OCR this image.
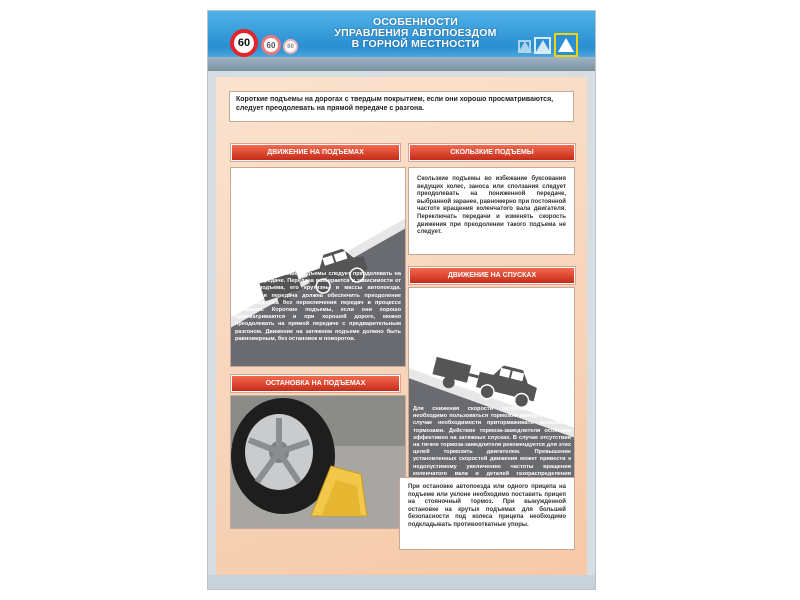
60 60 60
ОСОБЕННОСТИ
УПРАВЛЕНИЯ АВТОПОЕЗДОМ
В ГОРНОЙ МЕСТНОСТИ
Короткие подъемы на дорогах с твердым покрытием, если они хорошо просматриваются, следует преодолевать на прямой передаче с разгона.
ДВИЖЕНИЕ НА ПОДЪЕМАХ	СКОЛЬЗКИЕ ПОДЪЕМЫ
Крутые или затяжные подъемы следует преодолевать на низшей передаче. Передача выбирается в зависимости от длины подъема, его крутизны и массы автопоезда. Выбранная передача должна обеспечить преодоление всего подъема без переключения передач в процессе движения. Короткие подъемы, если они хорошо просматриваются и при хорошей дороге, можно преодолевать на прямой передаче с предварительным разгоном. Движение на затяжном подъеме должно быть равномерным, без остановок и поворотов.
Скользкие подъемы во избежание буксования ведущих колес, заноса или сползания следует преодолевать на пониженной передаче, выбранной заранее, равномерно при постоянной частоте вращения коленчатого вала двигателя. Переключать передачи и изменять скорость движения при преодолении такого подъема не следует.
ДВИЖЕНИЕ НА СПУСКАХ
Для снижения скорости движения на спуске необходимо пользоваться тормозом-замедлителем и в случае необходимости притормаживать колесными тормозами. Действие тормоза-замедлителя особенно эффективно на затяжных спусках. В случае отсутствия на тягаче тормоза-замедлителя рекомендуется для этих целей тормозить двигателем. Превышение установленных скоростей движения может привести к недопустимому увеличению частоты вращения коленчатого вала и деталей газораспределения
ОСТАНОВКА НА ПОДЪЕМАХ
При остановке автопоезда или одного прицепа на подъеме или уклоне необходимо поставить прицеп на стояночный тормоз. При вынужденной остановке на крутых подъемах для большей безопасности под колеса прицепа необходимо подкладывать противооткатные упоры.
